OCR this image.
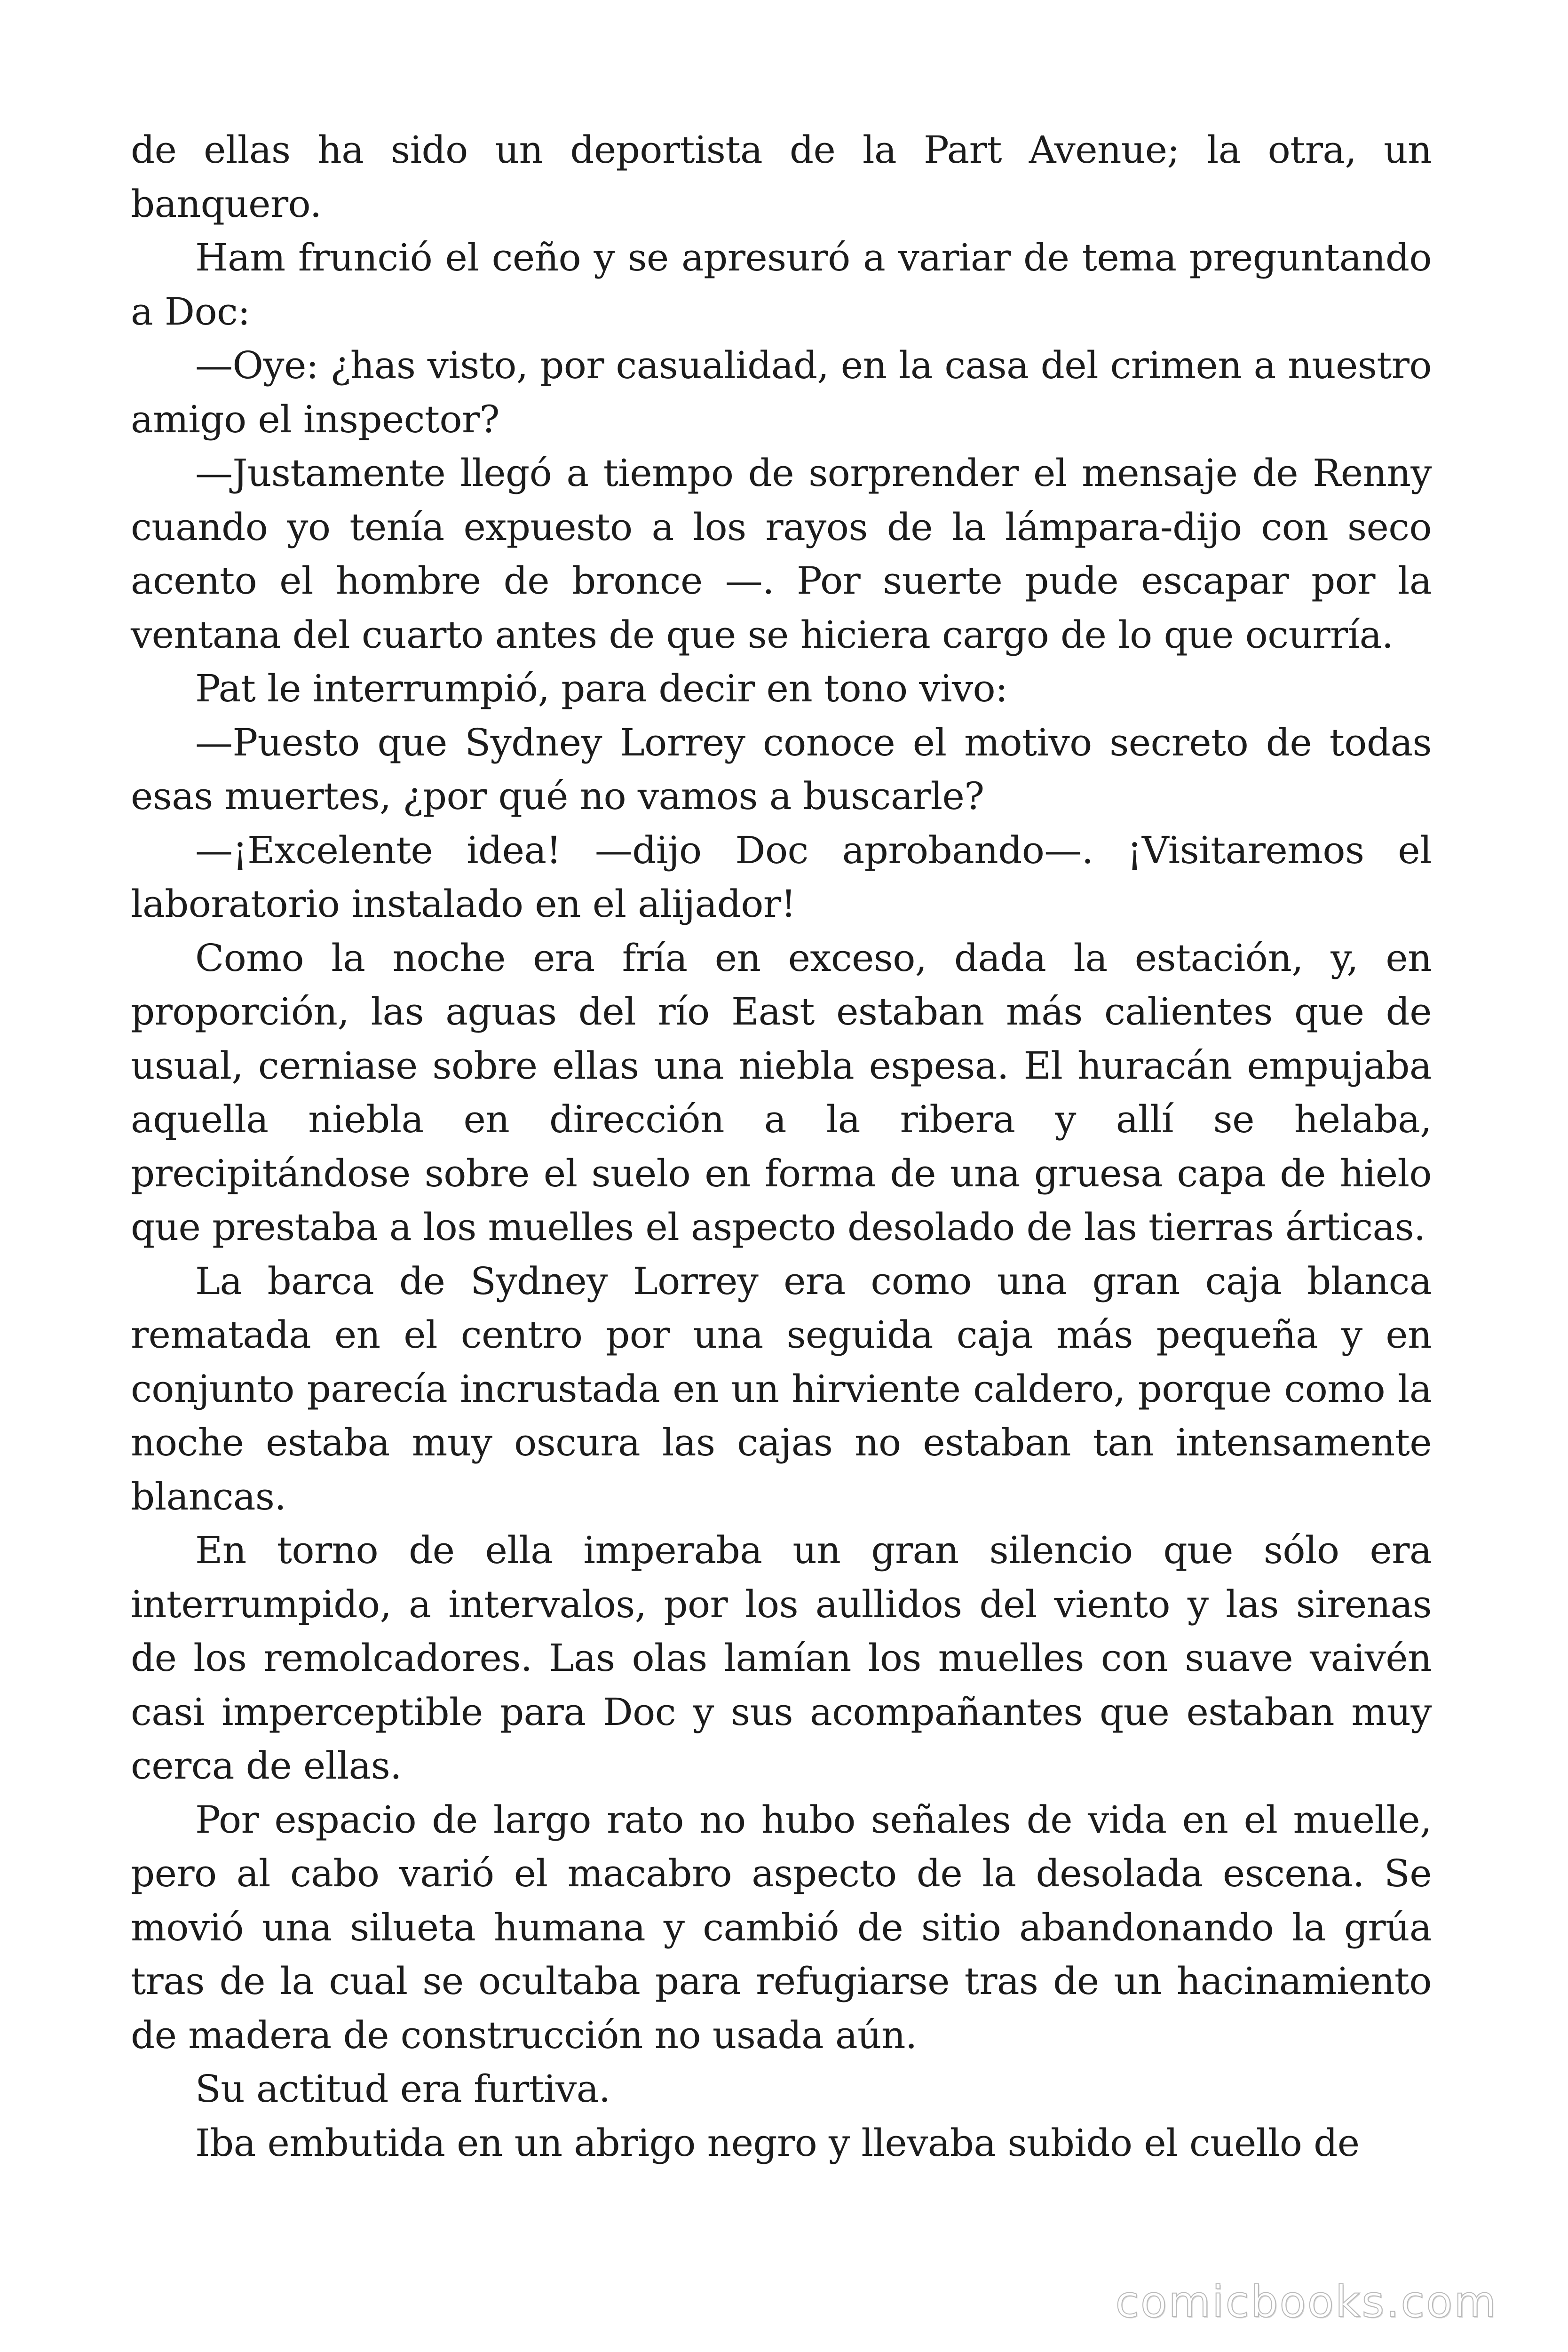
de ellas ha sido un deportista de la Part Avenue; la otra, un banquero.

Ham frunció el ceño y se apresuró a variar de tema preguntando a Doc:

—Oye: ¿has visto, por casualidad, en la casa del crimen a nuestro amigo el inspector?

—Justamente llegó a tiempo de sorprender el mensaje de Renny cuando yo tenía expuesto a los rayos de la lámpara-dijo con seco acento el hombre de bronce —. Por suerte pude escapar por la ventana del cuarto antes de que se hiciera cargo de lo que ocurría.

Pat le interrumpió, para decir en tono vivo:

—Puesto que Sydney Lorrey conoce el motivo secreto de todas esas muertes, ¿por qué no vamos a buscarle?

—¡Excelente idea! —dijo Doc aprobando—. ¡Visitaremos el laboratorio instalado en el alijador!

Como la noche era fría en exceso, dada la estación, y, en proporción, las aguas del río East estaban más calientes que de usual, cerniase sobre ellas una niebla espesa. El huracán empujaba aquella niebla en dirección a la ribera y allí se helaba, precipitándose sobre el suelo en forma de una gruesa capa de hielo que prestaba a los muelles el aspecto desolado de las tierras árticas.

La barca de Sydney Lorrey era como una gran caja blanca rematada en el centro por una seguida caja más pequeña y en conjunto parecía incrustada en un hirviente caldero, porque como la noche estaba muy oscura las cajas no estaban tan intensamente blancas.

En torno de ella imperaba un gran silencio que sólo era interrumpido, a intervalos, por los aullidos del viento y las sirenas de los remolcadores. Las olas lamían los muelles con suave vaivén casi imperceptible para Doc y sus acompañantes que estaban muy cerca de ellas.

Por espacio de largo rato no hubo señales de vida en el muelle, pero al cabo varió el macabro aspecto de la desolada escena. Se movió una silueta humana y cambió de sitio abandonando la grúa tras de la cual se ocultaba para refugiarse tras de un hacinamiento de madera de construcción no usada aún.

Su actitud era furtiva.

Iba embutida en un abrigo negro y llevaba subido el cuello de

comicbooks.com
